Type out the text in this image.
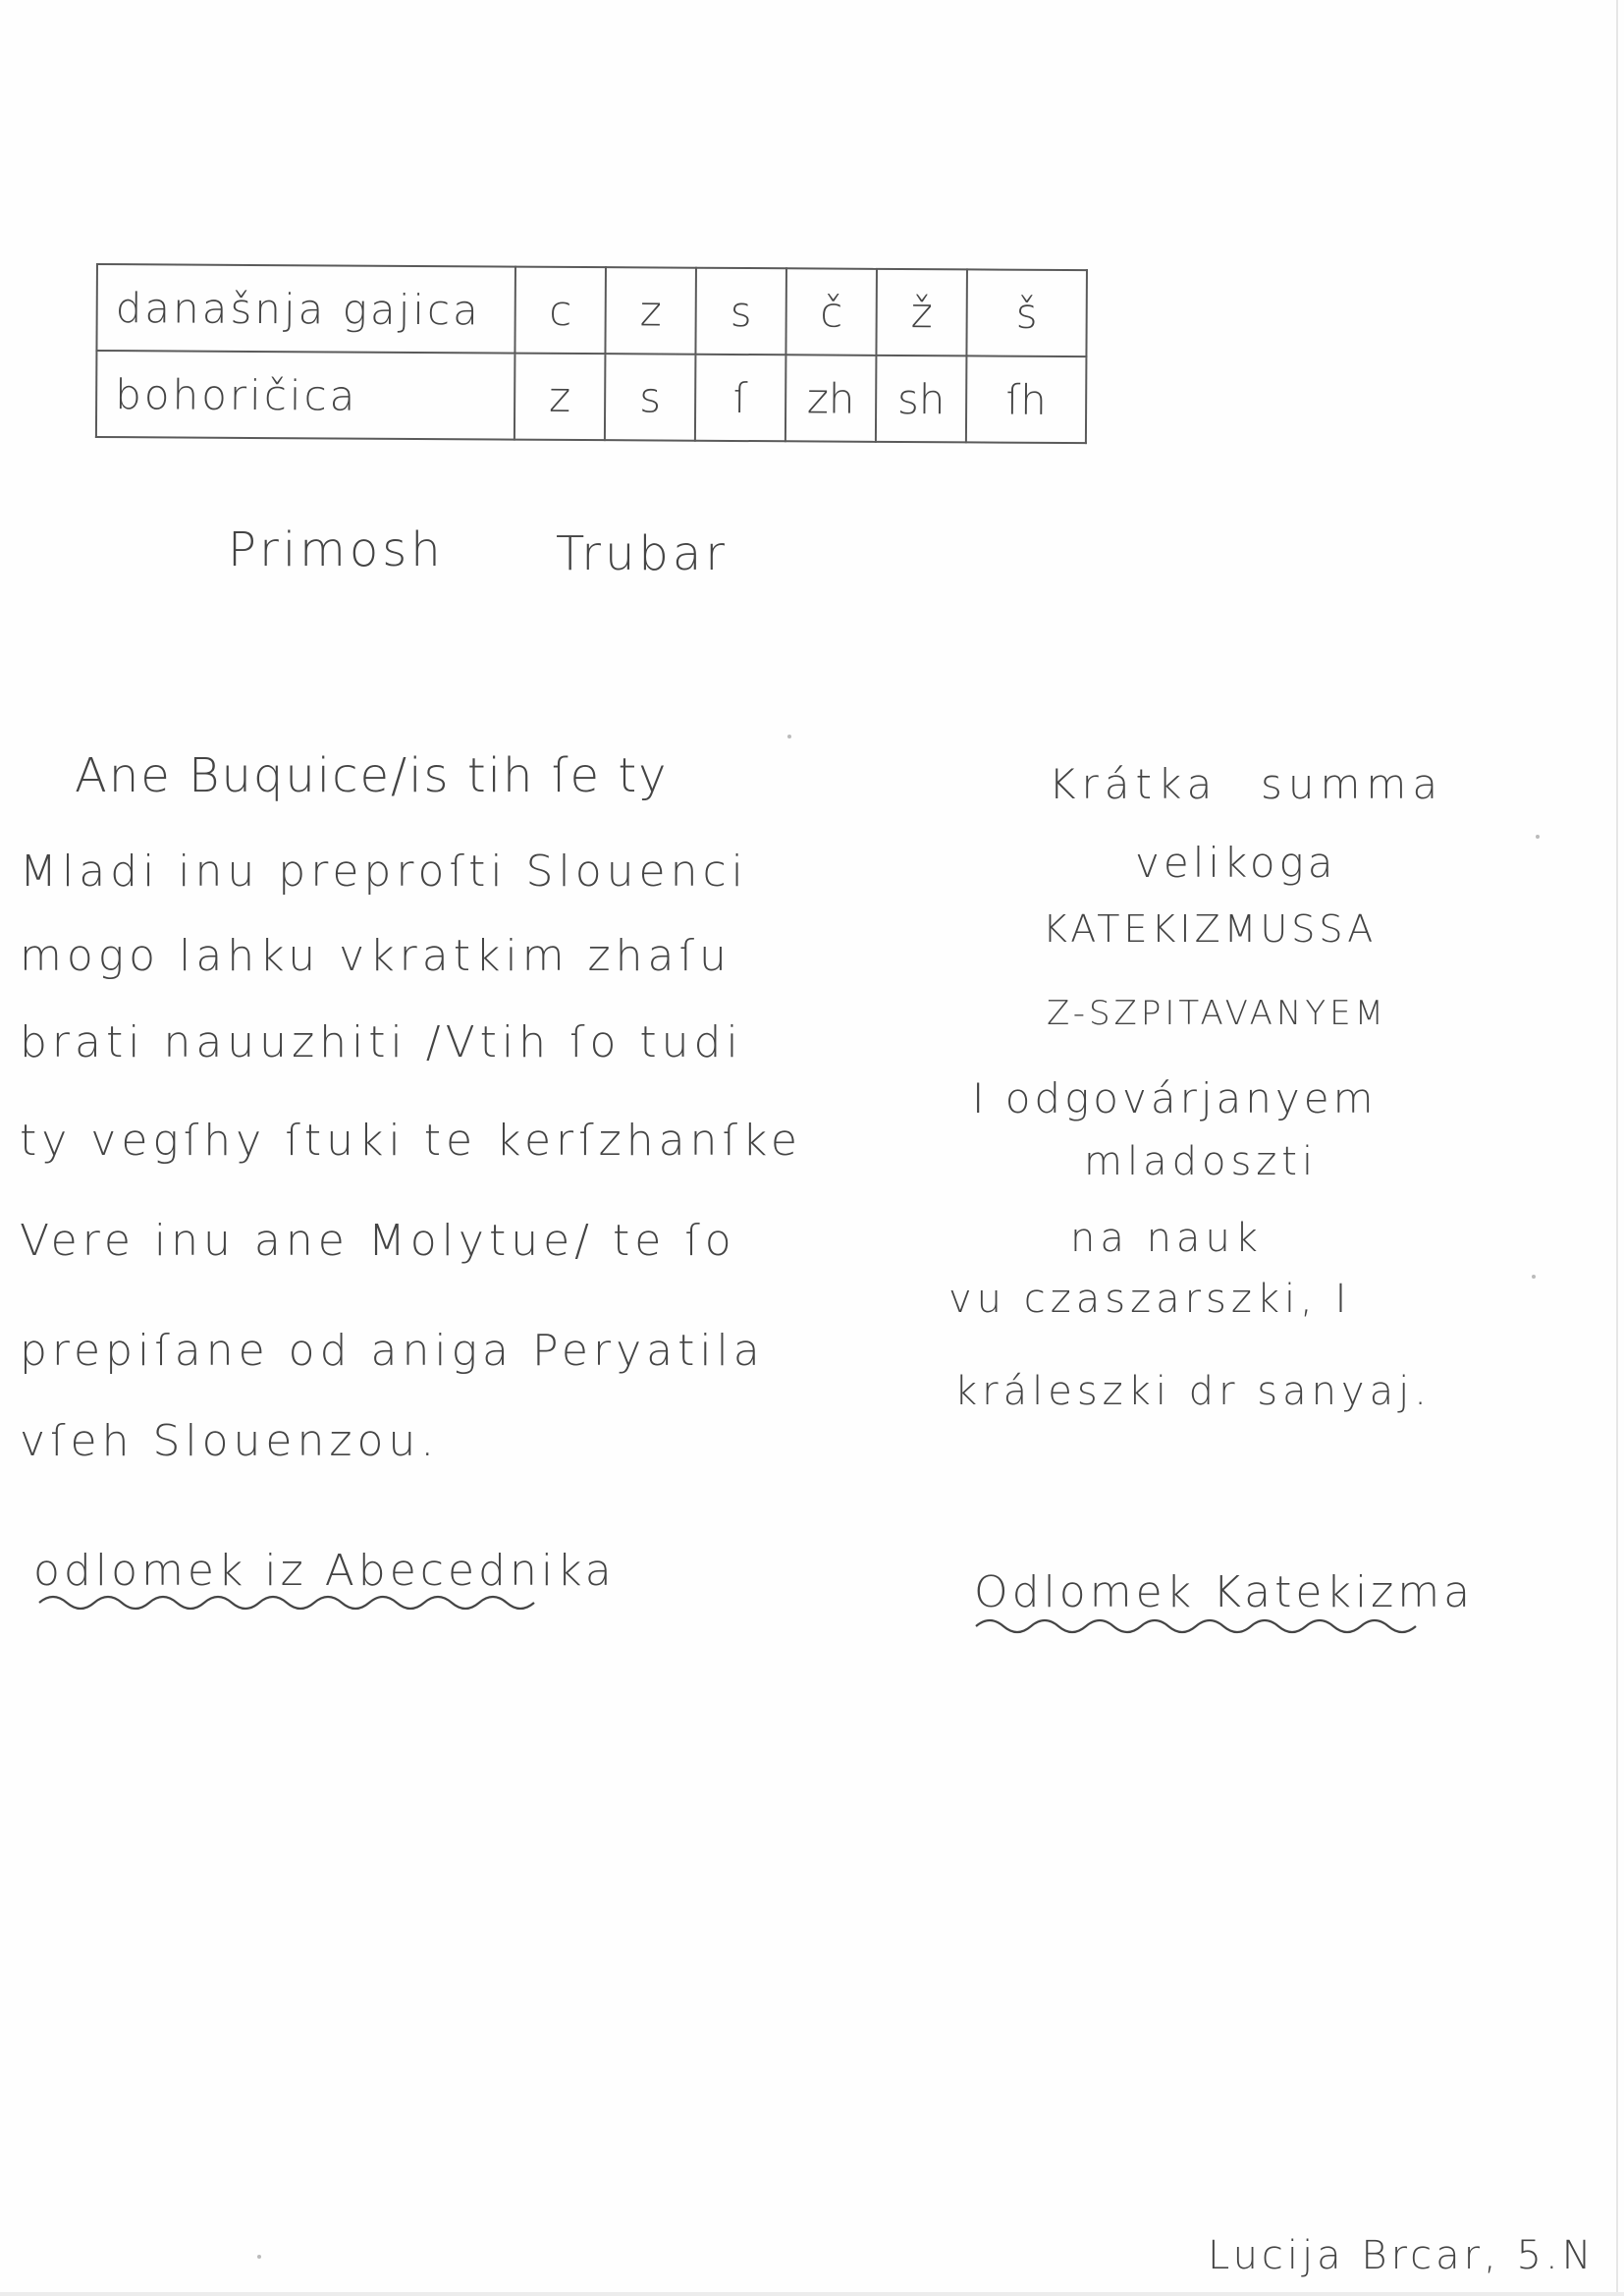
današnja gajica	c	z	s	č	ž	š
bohoričica	z	s	ſ	zh	sh	ſh
Primosh Trubar
Ane Buquice/is tih ſe ty
Mladi inu preproſti Slouenci
mogo lahku vkratkim zhaſu
brati nauuzhiti /Vtih ſo tudi
ty vegſhy ſtuki te kerſzhanſke
Vere inu ane Molytue/ te ſo
prepiſane od aniga Peryatila
vſeh Slouenzou.
odlomek iz Abecednika
Krátka summa
velikoga
KATEKIZMUSSA
Z-SZPITAVANYEM
I odgovárjanyem
mladoszti
na nauk
vu czaszarszki, I
králeszki dr sanyaj.
Odlomek Katekizma
Lucija Brcar, 5.N
